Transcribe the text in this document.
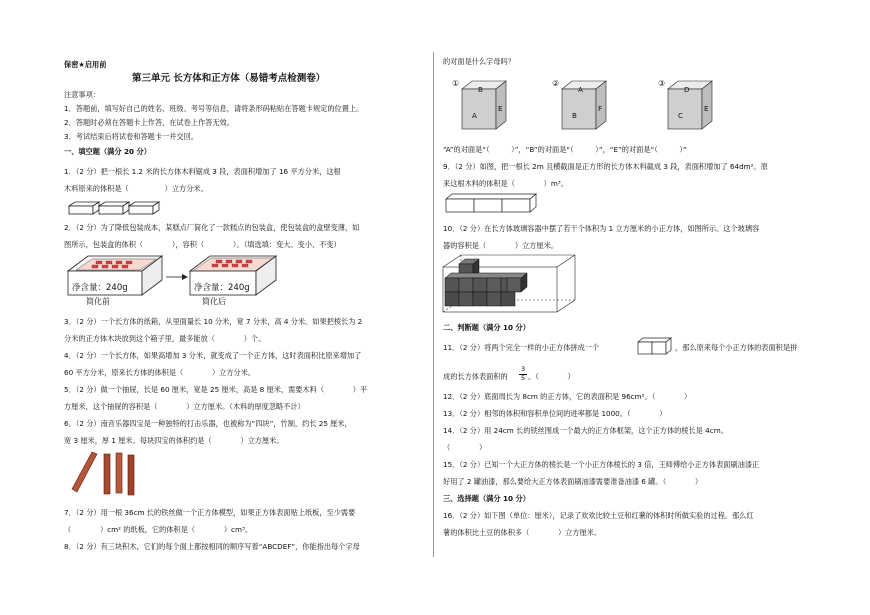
保密★启用前
第三单元 长方体和正方体（易错考点检测卷）
注意事项：
1．答题前，填写好自己的姓名、班级、考号等信息，请将条形码粘贴在答题卡规定的位置上。
2．答题时必须在答题卡上作答，在试卷上作答无效。
3．考试结束后将试卷和答题卡一并交回。
一、填空题（满分 20 分）
1．（2 分）把一根长 1.2 米的长方体木料锯成 3 段，表面积增加了 16 平方分米，这根
木料原来的体积是（　　　　　）立方分米。
2．（2 分）为了降低包装成本，某糕点厂简化了一款糕点的包装盒，使包装盒的盒壁变薄，如
图所示，包装盒的体积（　　　　），容积（　　　　）。（填选填：变大、变小、不变）
净含量：240g	净含量：240g
简化前	简化后
3．（2 分）一个长方体的纸箱，从里面量长 10 分米，宽 7 分米，高 4 分米。如果把棱长为 2
分米的正方体木块放到这个箱子里，最多能放（　　　　）个。
4．（2 分）一个长方体，如果高增加 3 分米，就变成了一个正方体，这时表面积比原来增加了
60 平方分米，原来长方体的体积是（　　　　）立方分米。
5．（2 分）做一个抽屉，长是 60 厘米，宽是 25 厘米，高是 8 厘米，需要木料（　　　　）平
方厘米，这个抽屉的容积是（　　　　）立方厘米。（木料的厚度忽略不计）
6．（2 分）南音乐器四宝是一种独特的打击乐器，也被称为“四块”，竹制，约长 25 厘米，
宽 3 厘米，厚 1 厘米。每块四宝的体积约是（　　　　）立方厘米。
7．（2 分）用一根 36cm 长的铁丝做一个正方体模型，如果正方体表面贴上纸板，至少需要
（　　　　）cm² 的纸板，它的体积是（　　　　）cm³。
8．（2 分）有三块积木，它们的每个面上都按相同的顺序写着“ABCDEF”，你能指出每个字母
的对面是什么字母吗？
①	②	③
B
A
E
A
B
F
D
C
E
“A”的对面是“（　　　）”，“B”的对面是“（　　　）”，“E”的对面是“（　　　）”
9．（2 分）如图，把一根长 2m 且横截面是正方形的长方体木料截成 3 段，表面积增加了 64dm²。原
来这根木料的体积是（　　　　）m³。
10．（2 分）在长方体玻璃容器中摆了若干个体积为 1 立方厘米的小正方体，如图所示。这个玻璃容
器的容积是（　　　　）立方厘米。
二、判断题（满分 10 分）
11．（2 分）将两个完全一样的小正方体拼成一个	，那么原来每个小正方体的表面积是拼
成的长方体表面积的
3
5 。（　　　　）
12．（2 分）底面周长为 8cm 的正方体，它的表面积是 96cm²。（　　　　）
13．（2 分）相邻的体积和容积单位间的进率都是 1000。（　　　　）
14．（2 分）用 24cm 长的铁丝围成一个最大的正方体框架，这个正方体的棱长是 4cm。
（　　　　）
15．（2 分）已知一个大正方体的棱长是一个小正方体棱长的 3 倍，王师傅给小正方体表面刷油漆正
好用了 2 罐油漆，那么要给大正方体表面刷油漆需要准备油漆 6 罐。（　　　　）
三、选择题（满分 10 分）
16．（2 分）如下图（单位：厘米），记录了欢欢比较土豆和红薯的体积时所做实验的过程。那么红
薯的体积比土豆的体积多（　　　　）立方厘米。
